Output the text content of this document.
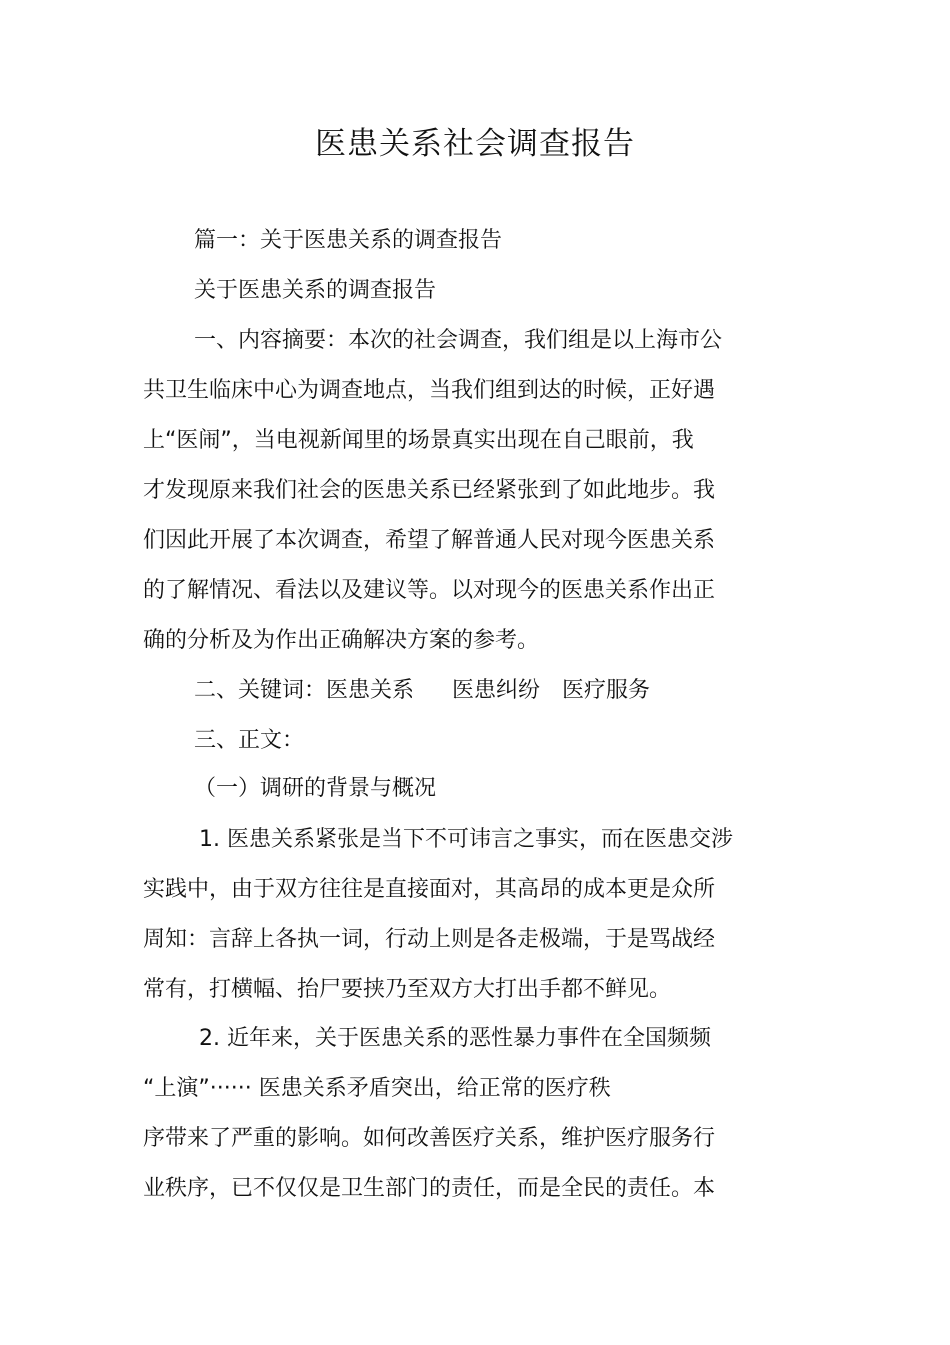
医患关系社会调查报告
篇一：关于医患关系的调查报告
关于医患关系的调查报告
一、内容摘要：本次的社会调查，我们组是以上海市公
共卫生临床中心为调查地点，当我们组到达的时候，正好遇
上“医闹”，当电视新闻里的场景真实出现在自己眼前，我
才发现原来我们社会的医患关系已经紧张到了如此地步。我
们因此开展了本次调查，希望了解普通人民对现今医患关系
的了解情况、看法以及建议等。以对现今的医患关系作出正
确的分析及为作出正确解决方案的参考。
二、关键词：医患关系 医患纠纷 医疗服务
三、正文：
（一）调研的背景与概况
1. 医患关系紧张是当下不可讳言之事实，而在医患交涉
实践中，由于双方往往是直接面对，其高昂的成本更是众所
周知：言辞上各执一词，行动上则是各走极端，于是骂战经
常有，打横幅、抬尸要挟乃至双方大打出手都不鲜见。
2. 近年来，关于医患关系的恶性暴力事件在全国频频
“上演”······ 医患关系矛盾突出，给正常的医疗秩
序带来了严重的影响。如何改善医疗关系，维护医疗服务行
业秩序，已不仅仅是卫生部门的责任，而是全民的责任。本
